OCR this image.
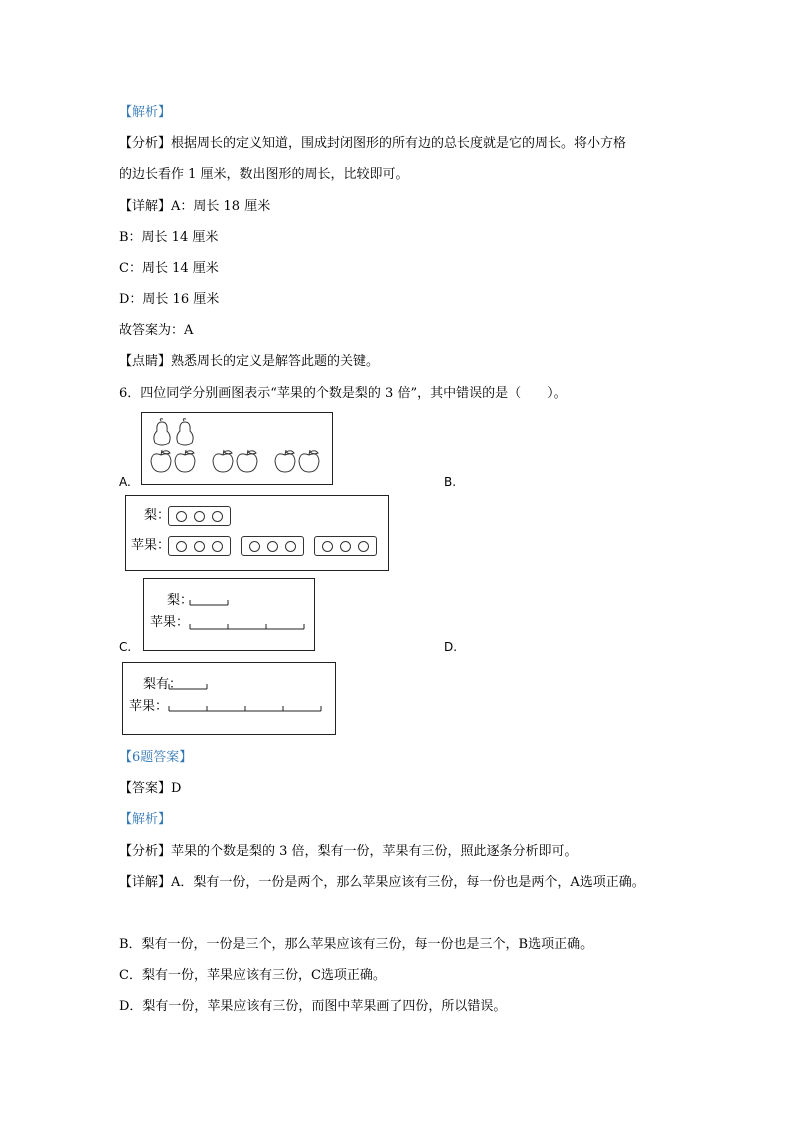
【解析】
【分析】根据周长的定义知道，围成封闭图形的所有边的总长度就是它的周长。将小方格
的边长看作 1 厘米，数出图形的周长，比较即可。
【详解】A：周长 18 厘米
B：周长 14 厘米
C：周长 14 厘米
D：周长 16 厘米
故答案为：A
【点睛】熟悉周长的定义是解答此题的关键。
6．四位同学分别画图表示“苹果的个数是梨的 3 倍”，其中错误的是（　　）。
A.	B.
梨：
苹果：
梨：
苹果：
C.	D.
梨有：
苹果：
【6题答案】
【答案】D
【解析】
【分析】苹果的个数是梨的 3 倍，梨有一份，苹果有三份，照此逐条分析即可。
【详解】A．梨有一份，一份是两个，那么苹果应该有三份，每一份也是两个，A选项正确。
B．梨有一份，一份是三个，那么苹果应该有三份，每一份也是三个，B选项正确。
C．梨有一份，苹果应该有三份，C选项正确。
D．梨有一份，苹果应该有三份，而图中苹果画了四份，所以错误。
